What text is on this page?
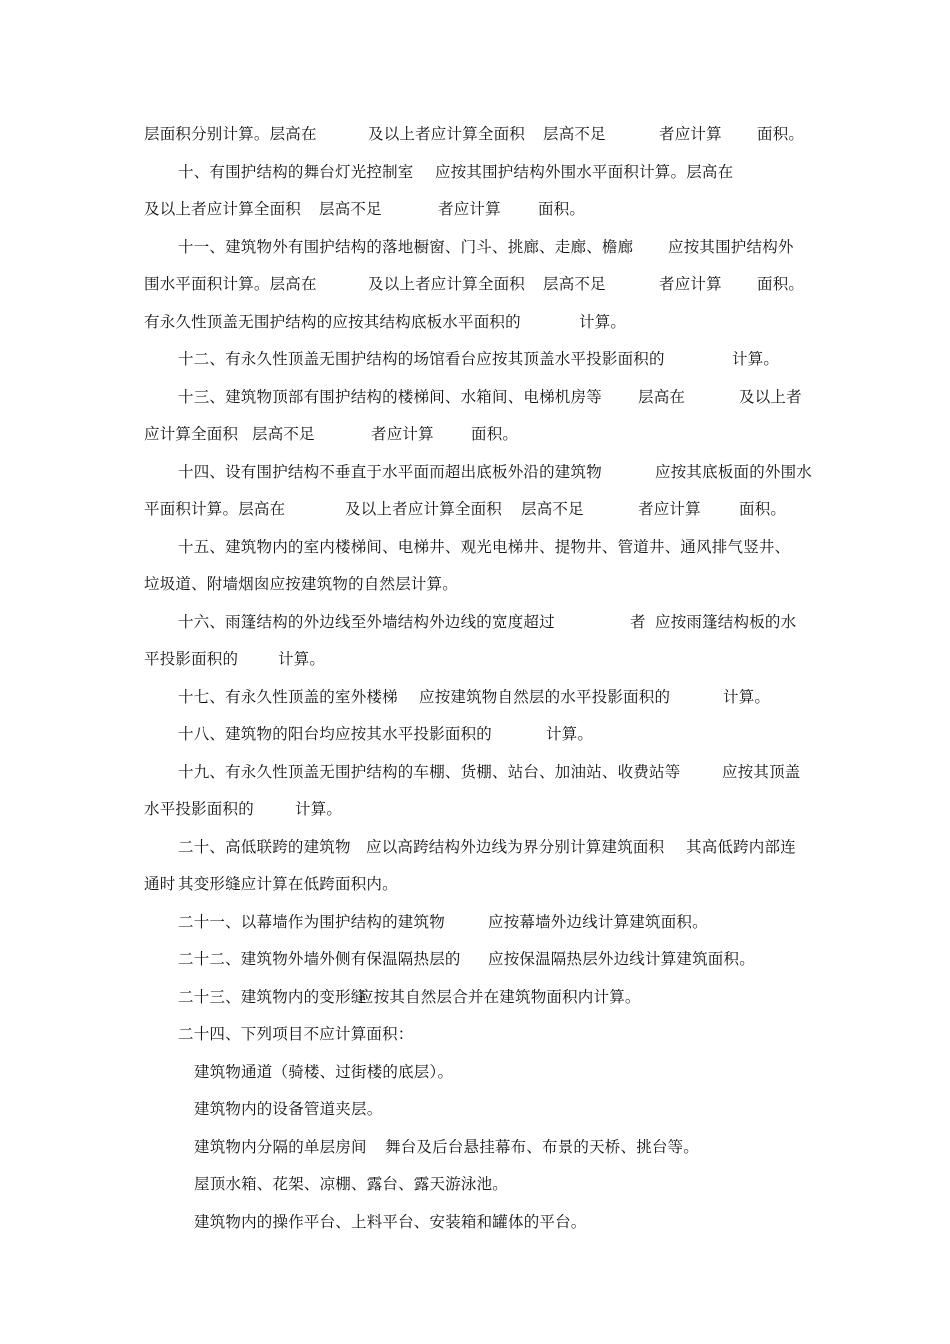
层面积分别计算。层高在	及以上者应计算全面积 层高不足	者应计算 面积。
十、有围护结构的舞台灯光控制室 应按其围护结构外围水平面积计算。层高在
及以上者应计算全面积 层高不足	者应计算 面积。
十一、建筑物外有围护结构的落地橱窗、门斗、挑廊、走廊、檐廊 应按其围护结构外
围水平面积计算。层高在	及以上者应计算全面积 层高不足	者应计算 面积。
有永久性顶盖无围护结构的应按其结构底板水平面积的	计算。
十二、有永久性顶盖无围护结构的场馆看台应按其顶盖水平投影面积的	计算。
十三、建筑物顶部有围护结构的楼梯间、水箱间、电梯机房等 层高在	及以上者
应计算全面积 层高不足	者应计算 面积。
十四、设有围护结构不垂直于水平面而超出底板外沿的建筑物	应按其底板面的外围水
平面积计算。层高在	及以上者应计算全面积 层高不足	者应计算 面积。
十五、建筑物内的室内楼梯间、电梯井、观光电梯井、提物井、管道井、通风排气竖井、
垃圾道、附墙烟囱应按建筑物的自然层计算。
十六、雨篷结构的外边线至外墙结构外边线的宽度超过	者 应按雨篷结构板的水
平投影面积的	计算。
十七、有永久性顶盖的室外楼梯 应按建筑物自然层的水平投影面积的	计算。
十八、建筑物的阳台均应按其水平投影面积的	计算。
十九、有永久性顶盖无围护结构的车棚、货棚、站台、加油站、收费站等	应按其顶盖
水平投影面积的	计算。
二十、高低联跨的建筑物 应以高跨结构外边线为界分别计算建筑面积 其高低跨内部连
通时 其变形缝应计算在低跨面积内。
二十一、以幕墙作为围护结构的建筑物	应按幕墙外边线计算建筑面积。
二十二、建筑物外墙外侧有保温隔热层的 应按保温隔热层外边线计算建筑面积。
二十三、建筑物内的变形缝
应按其自然层合并在建筑物面积内计算。
二十四、下列项目不应计算面积：
建筑物通道（骑楼、过街楼的底层）。
建筑物内的设备管道夹层。
建筑物内分隔的单层房间 舞台及后台悬挂幕布、布景的天桥、挑台等。
屋顶水箱、花架、凉棚、露台、露天游泳池。
建筑物内的操作平台、上料平台、安装箱和罐体的平台。
